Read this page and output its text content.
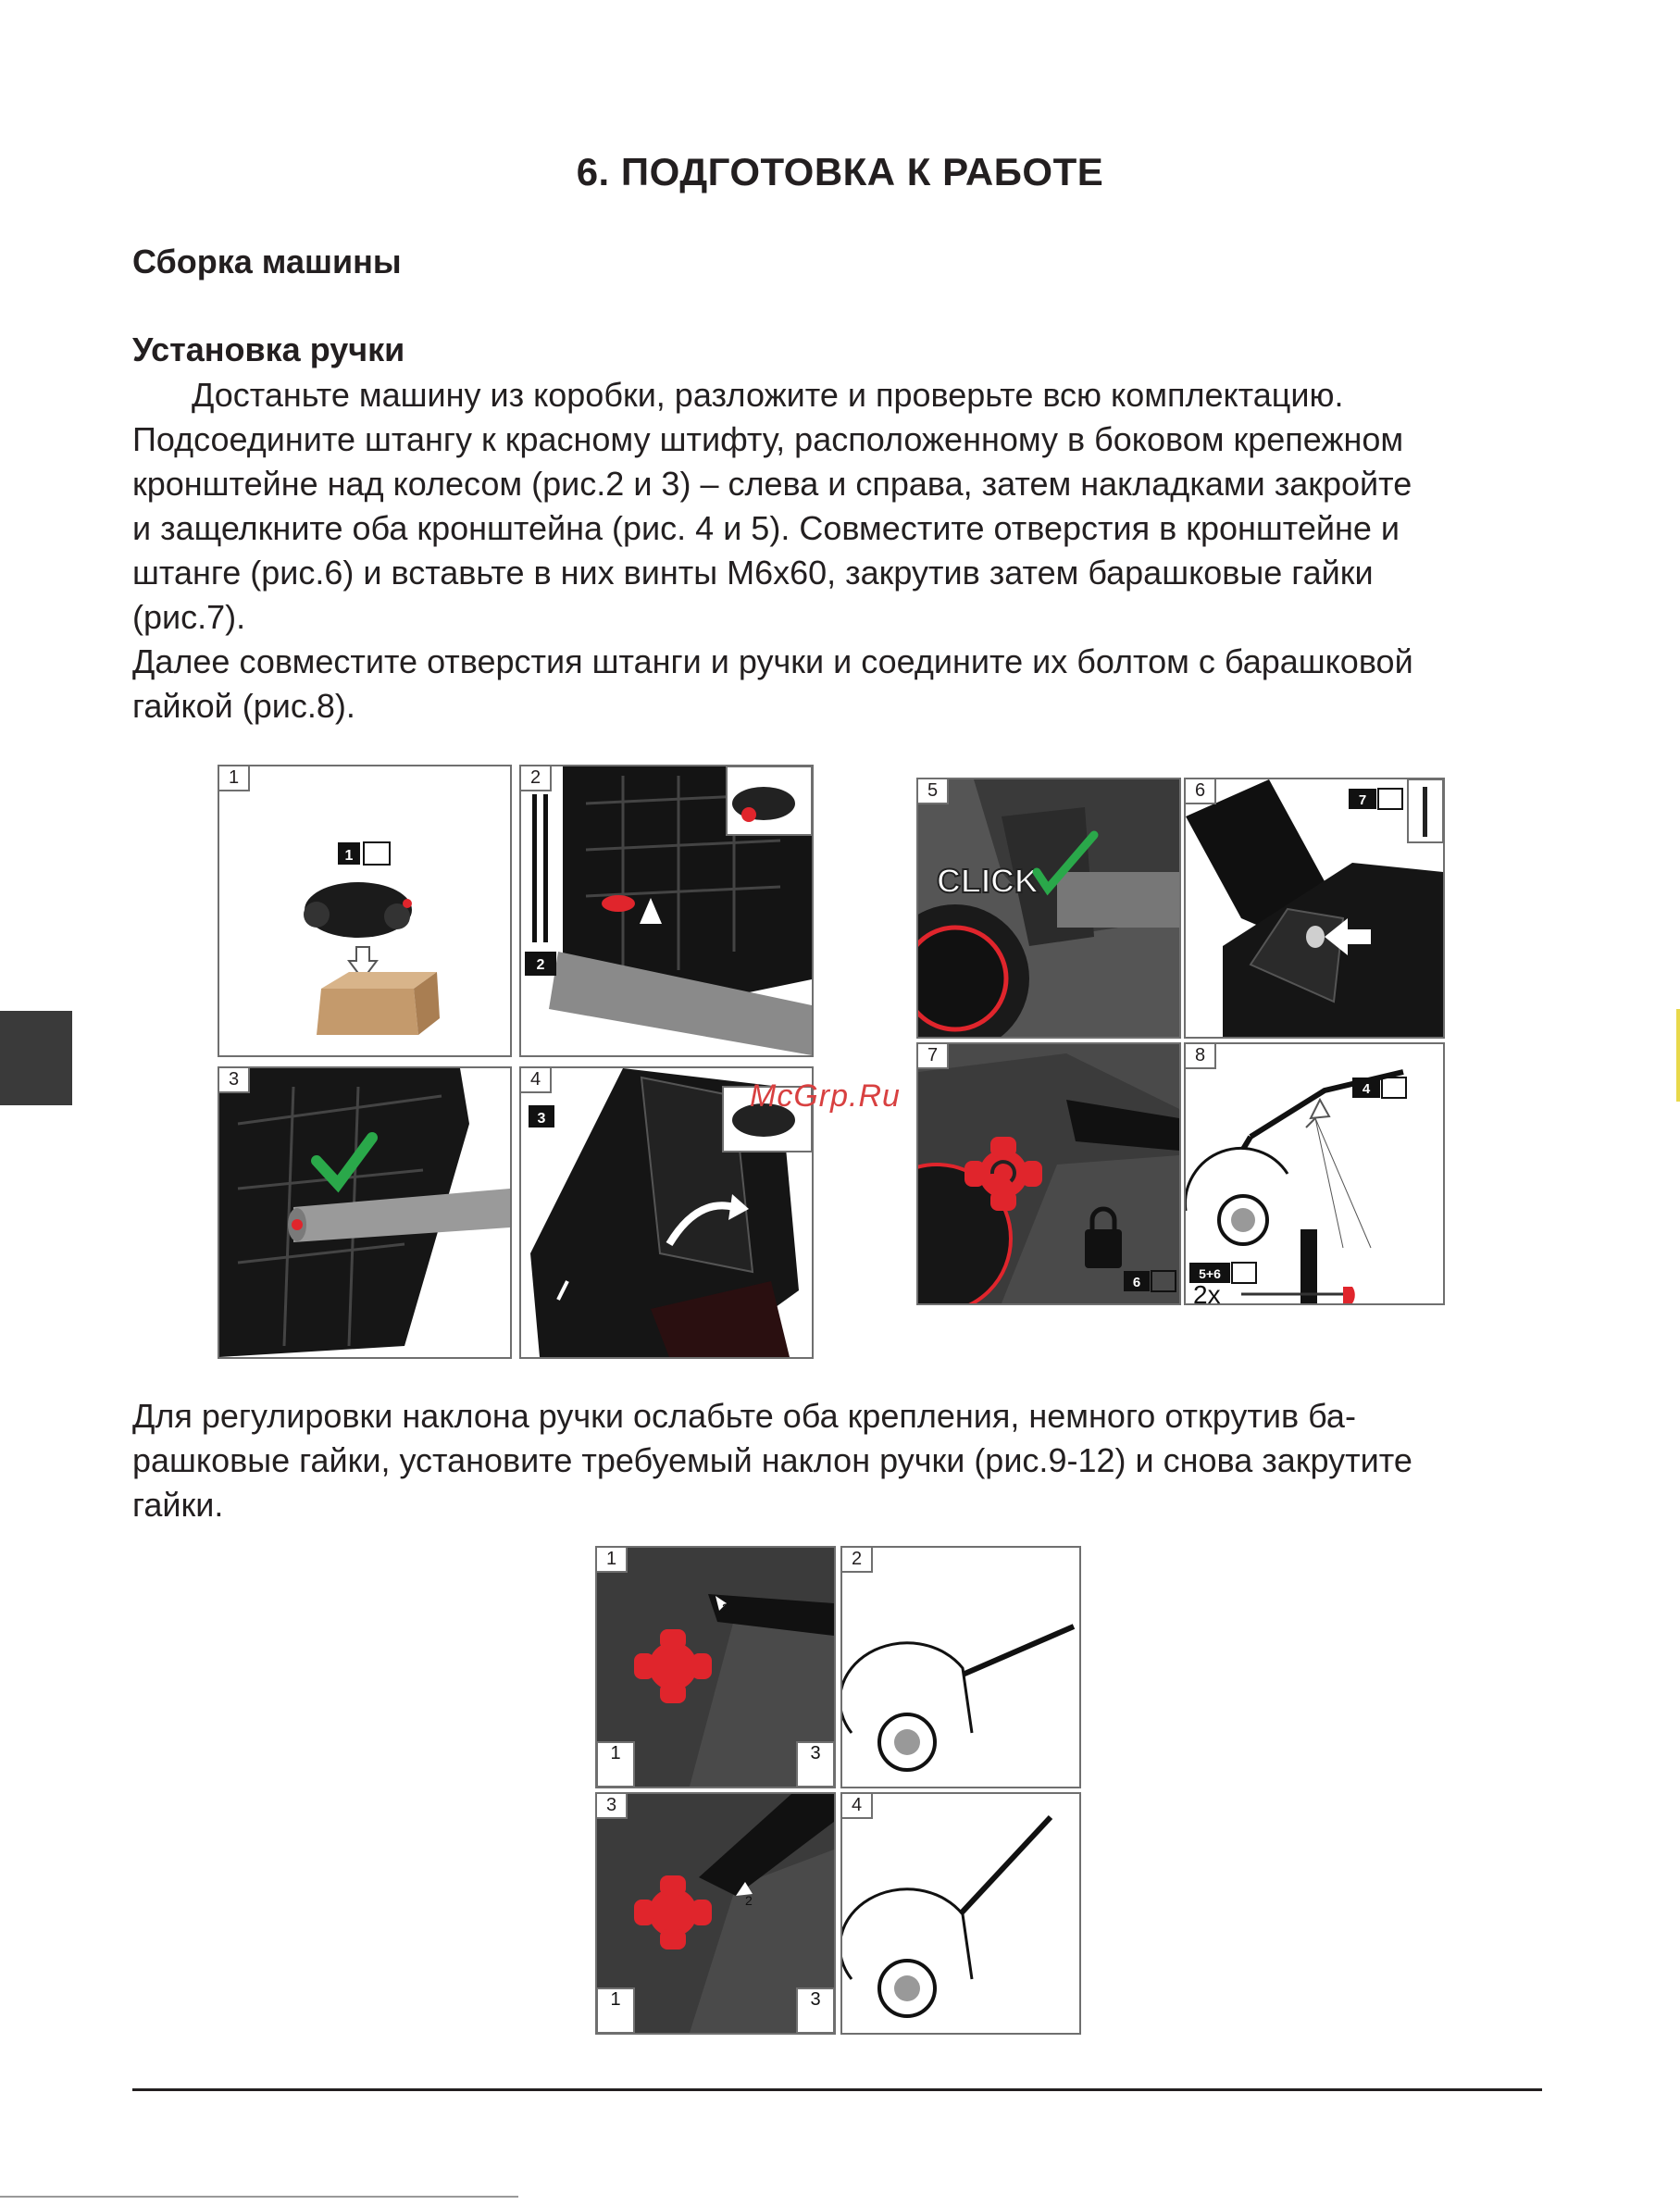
6. ПОДГОТОВКА К РАБОТЕ
Сборка машины
Установка ручки
Достаньте машину из коробки, разложите и проверьте всю комплектацию.
Подсоедините штангу к красному штифту, расположенному в боковом крепежном
кронштейне над колесом (рис.2 и 3) – слева и справа, затем накладками закройте
и защелкните оба кронштейна (рис. 4 и 5). Совместите отверстия в кронштейне и
штанге (рис.6) и вставьте в них винты М6х60, закрутив затем барашковые гайки
(рис.7).
Далее совместите отверстия штанги и ручки и соедините их болтом с барашковой
гайкой (рис.8).
1
1
2
2
3	4
3
5
CLICK
6	7
7
6
8
5+6
2x
4
McGrp.Ru
Для регулировки наклона ручки ослабьте оба крепления, немного открутив ба-
рашковые гайки, установите требуемый наклон ручки (рис.9-12) и снова закрутите
гайки.
1
2
1	3
2
3
2
1	3
4
